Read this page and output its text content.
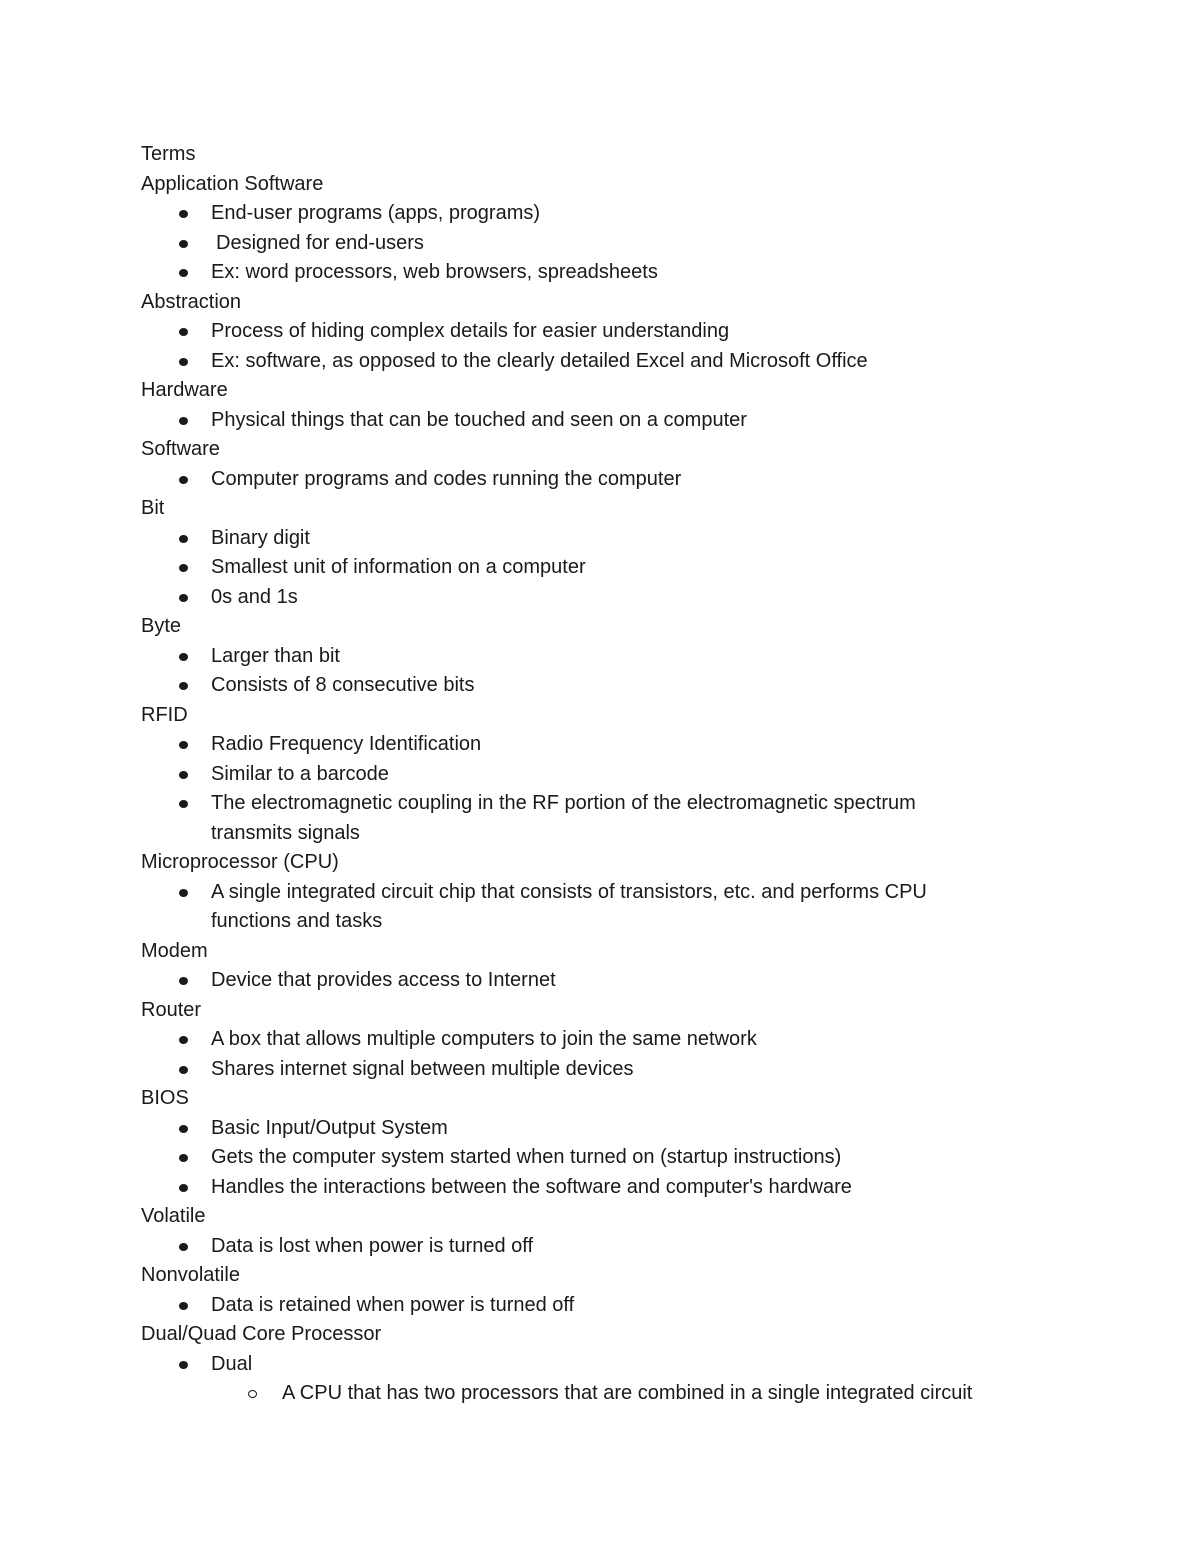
Terms
Application Software
End-user programs (apps, programs)
Designed for end-users
Ex: word processors, web browsers, spreadsheets
Abstraction
Process of hiding complex details for easier understanding
Ex: software, as opposed to the clearly detailed Excel and Microsoft Office
Hardware
Physical things that can be touched and seen on a computer
Software
Computer programs and codes running the computer
Bit
Binary digit
Smallest unit of information on a computer
0s and 1s
Byte
Larger than bit
Consists of 8 consecutive bits
RFID
Radio Frequency Identification
Similar to a barcode
The electromagnetic coupling in the RF portion of the electromagnetic spectrum transmits signals
Microprocessor (CPU)
A single integrated circuit chip that consists of transistors, etc. and performs CPU functions and tasks
Modem
Device that provides access to Internet
Router
A box that allows multiple computers to join the same network
Shares internet signal between multiple devices
BIOS
Basic Input/Output System
Gets the computer system started when turned on (startup instructions)
Handles the interactions between the software and computer's hardware
Volatile
Data is lost when power is turned off
Nonvolatile
Data is retained when power is turned off
Dual/Quad Core Processor
Dual
A CPU that has two processors that are combined in a single integrated circuit
